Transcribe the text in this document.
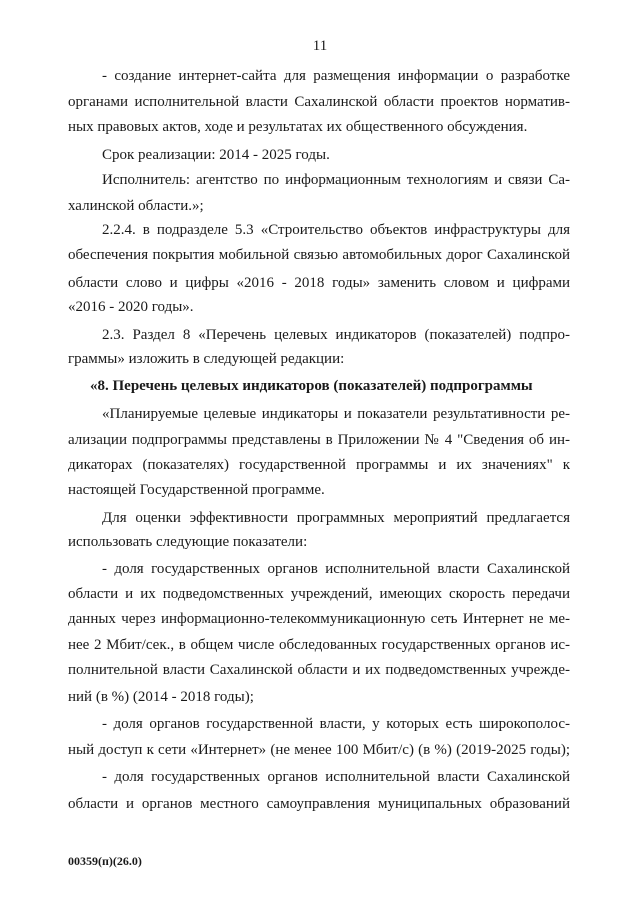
11
- создание интернет-сайта для размещения информации о разработке
органами исполнительной власти Сахалинской области проектов норматив-
ных правовых актов, ходе и результатах их общественного обсуждения.
Срок реализации: 2014 - 2025 годы.
Исполнитель: агентство по информационным технологиям и связи Са-
халинской области.»;
2.2.4. в подразделе 5.3 «Строительство объектов инфраструктуры для
обеспечения покрытия мобильной связью автомобильных дорог Сахалинской
области слово и цифры «2016 - 2018 годы» заменить словом и цифрами
«2016 - 2020 годы».
2.3. Раздел 8 «Перечень целевых индикаторов (показателей) подпро-
граммы» изложить в следующей редакции:
«8. Перечень целевых индикаторов (показателей) подпрограммы
«Планируемые целевые индикаторы и показатели результативности ре-
ализации подпрограммы представлены в Приложении № 4 "Сведения об ин-
дикаторах (показателях) государственной программы и их значениях" к
настоящей Государственной программе.
Для оценки эффективности программных мероприятий предлагается
использовать следующие показатели:
- доля государственных органов исполнительной власти Сахалинской
области и их подведомственных учреждений, имеющих скорость передачи
данных через информационно-телекоммуникационную сеть Интернет не ме-
нее 2 Мбит/сек., в общем числе обследованных государственных органов ис-
полнительной власти Сахалинской области и их подведомственных учрежде-
ний (в %) (2014 - 2018 годы);
- доля органов государственной власти, у которых есть широкополос-
ный доступ к сети «Интернет» (не менее 100 Мбит/с) (в %) (2019-2025 годы);
- доля государственных органов исполнительной власти Сахалинской
области и органов местного самоуправления муниципальных образований
00359(п)(26.0)
